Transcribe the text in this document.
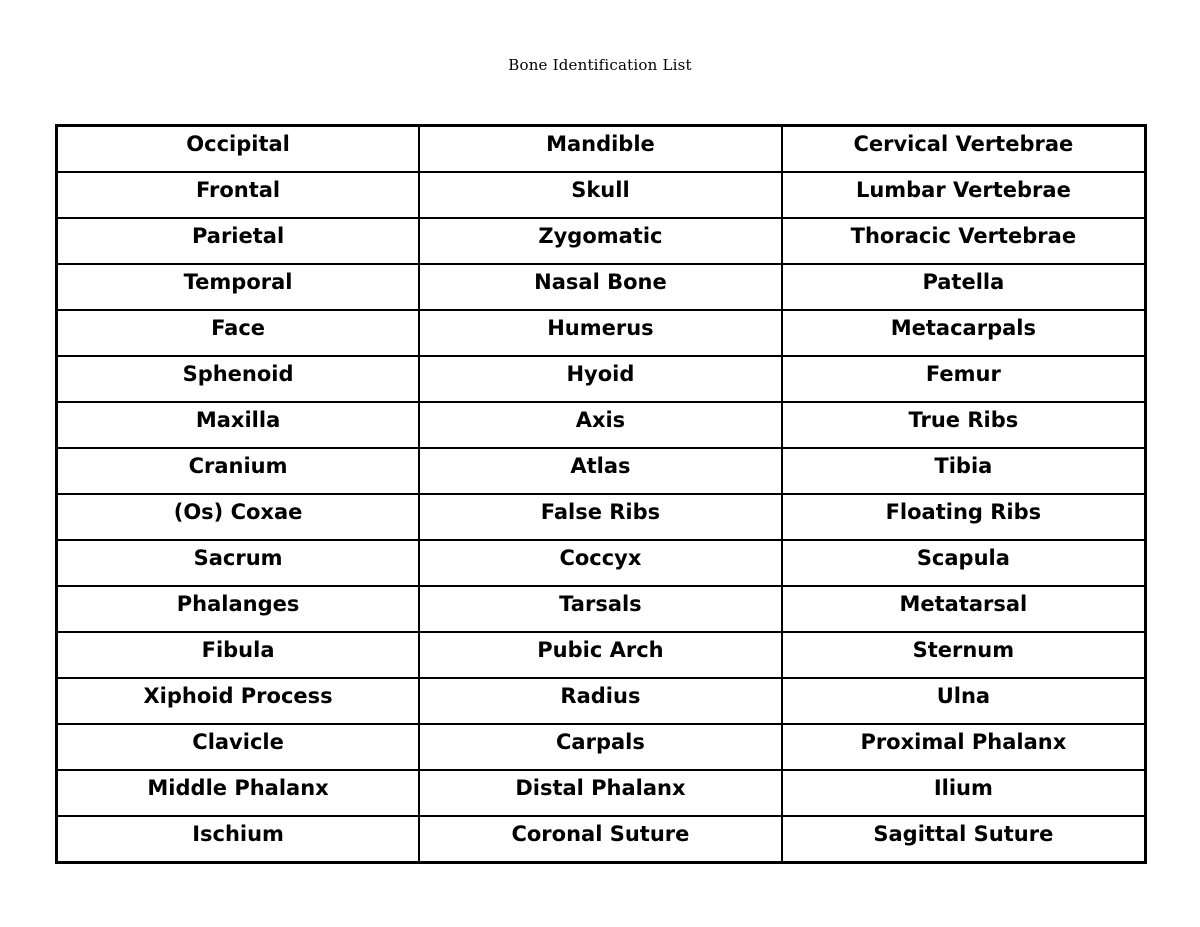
Bone Identification List
Occipital	Mandible	Cervical Vertebrae
Frontal	Skull	Lumbar Vertebrae
Parietal	Zygomatic	Thoracic Vertebrae
Temporal	Nasal Bone	Patella
Face	Humerus	Metacarpals
Sphenoid	Hyoid	Femur
Maxilla	Axis	True Ribs
Cranium	Atlas	Tibia
(Os) Coxae	False Ribs	Floating Ribs
Sacrum	Coccyx	Scapula
Phalanges	Tarsals	Metatarsal
Fibula	Pubic Arch	Sternum
Xiphoid Process	Radius	Ulna
Clavicle	Carpals	Proximal Phalanx
Middle Phalanx	Distal Phalanx	Ilium
Ischium	Coronal Suture	Sagittal Suture
